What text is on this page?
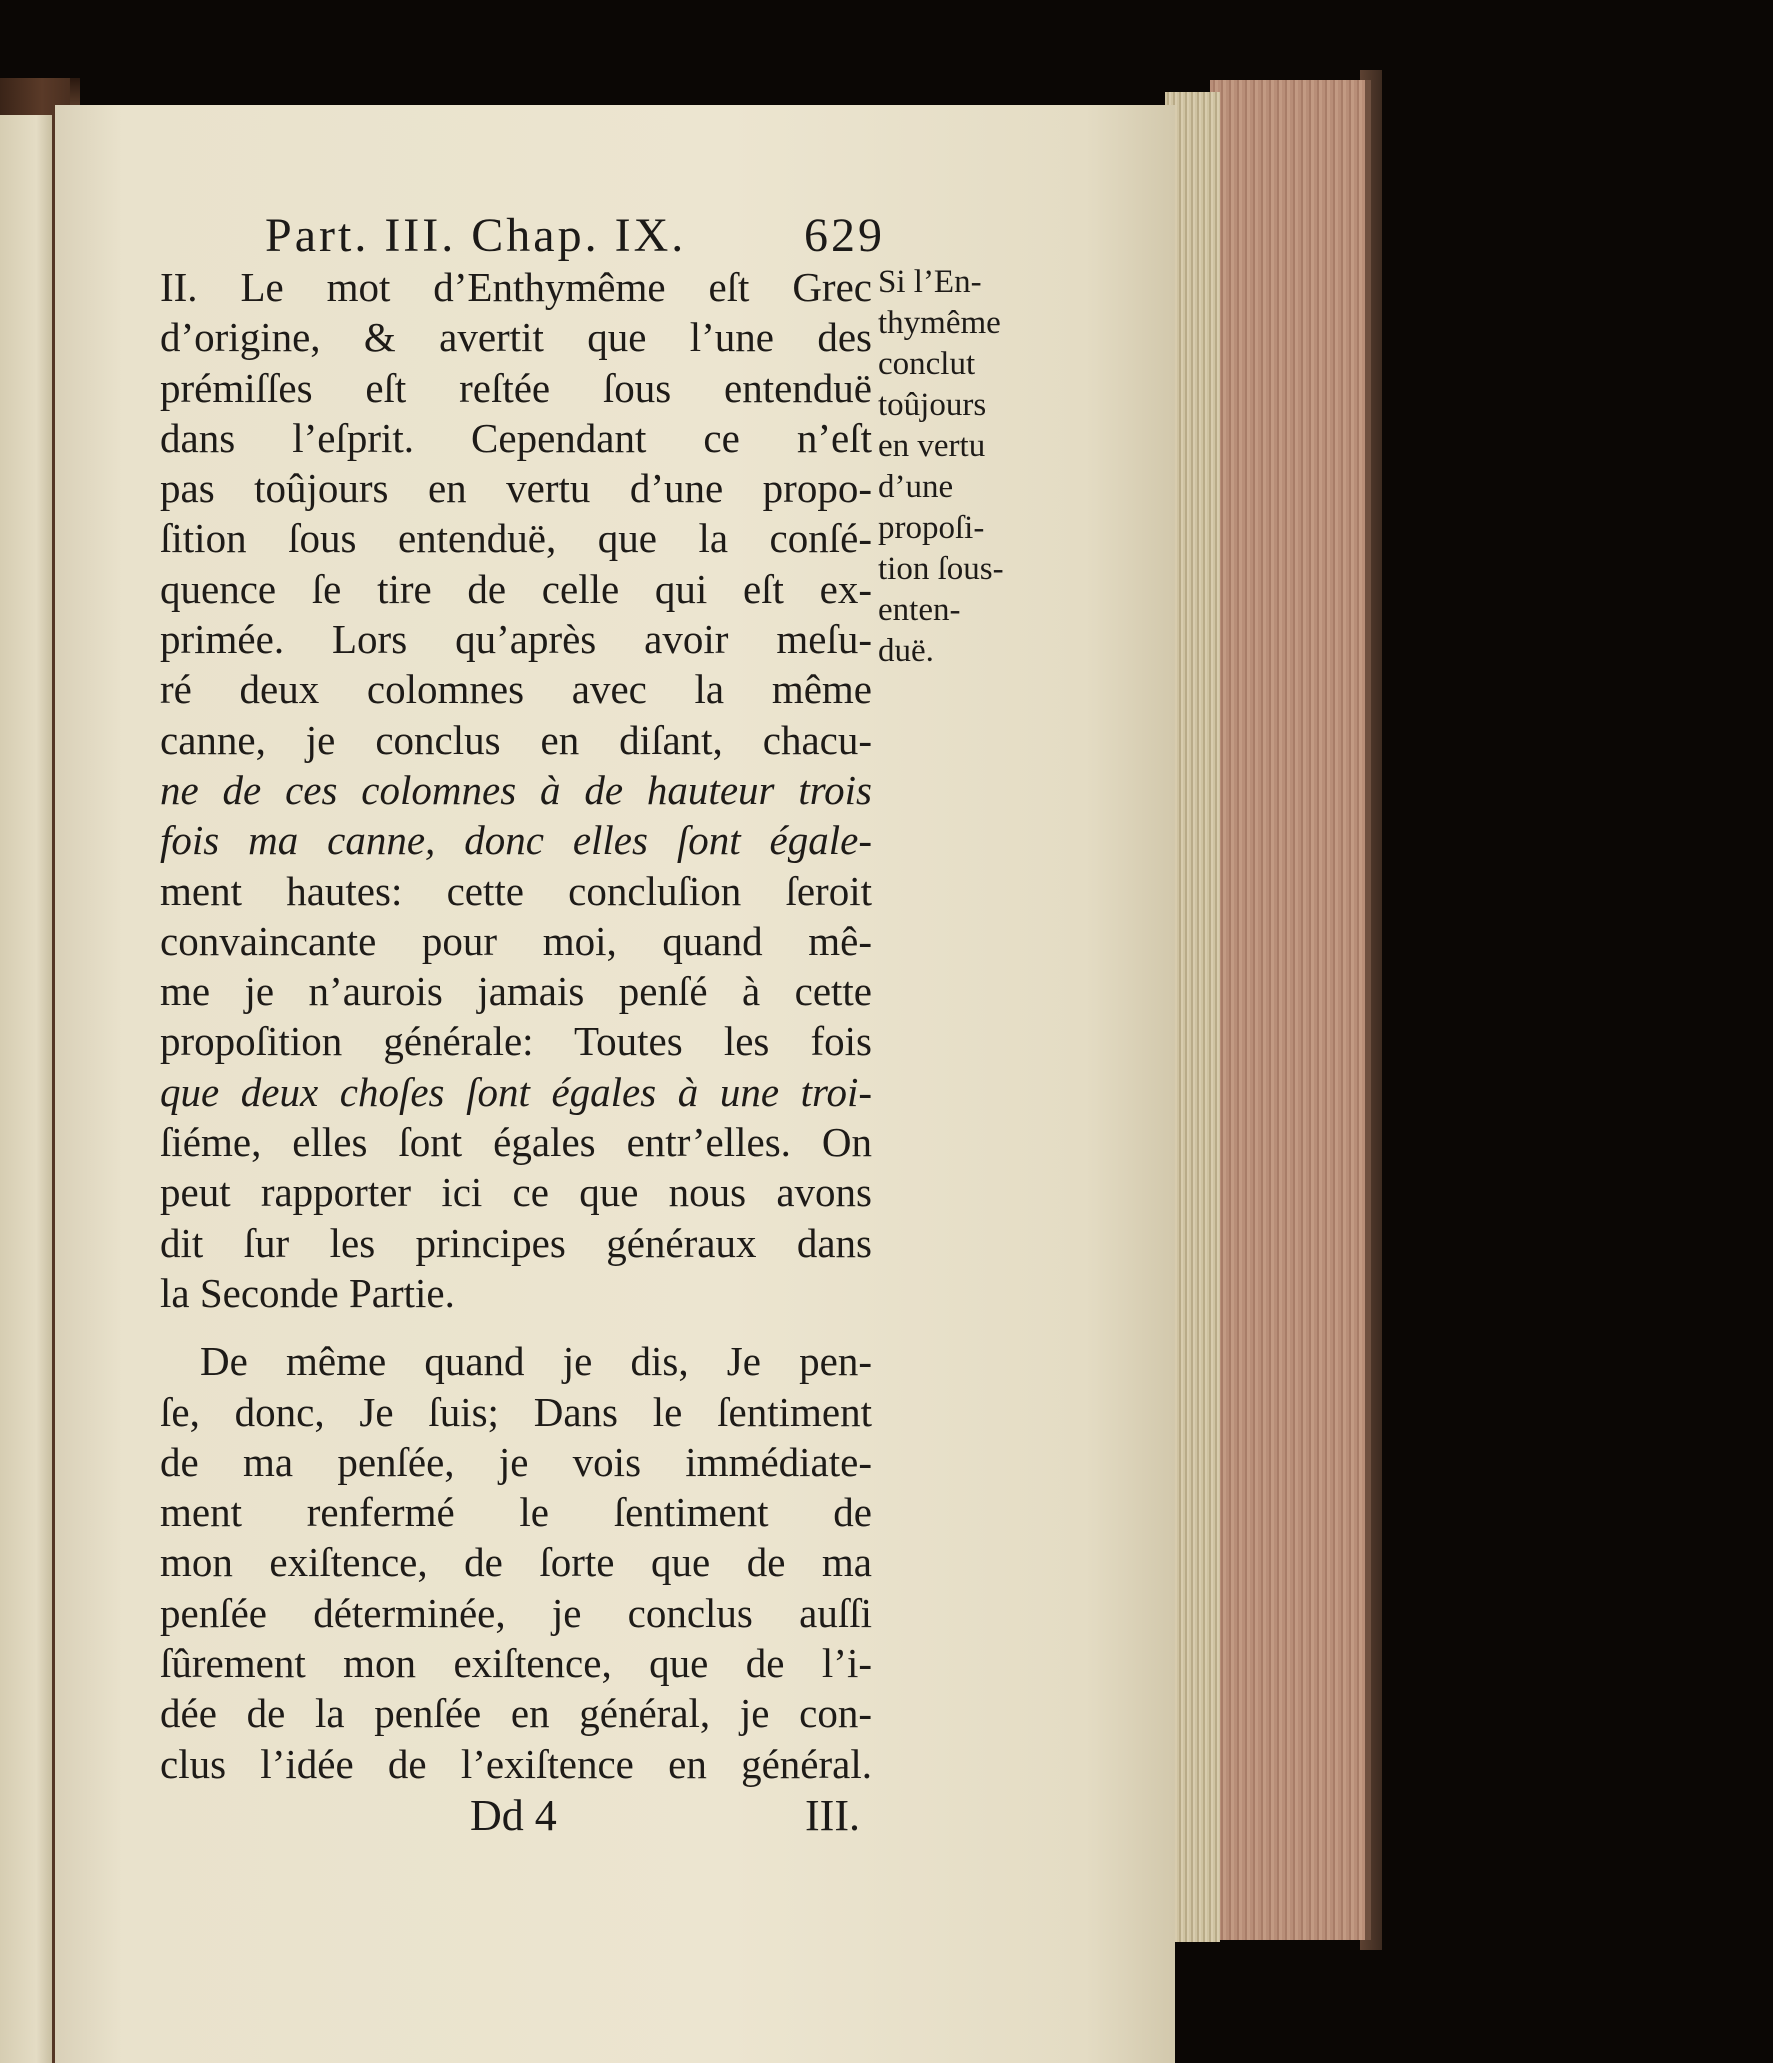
Part. III. Chap. IX. 629
II. Le mot d’Enthymême eſt Grec
d’origine, & avertit que l’une des
prémiſſes eſt reſtée ſous entenduë
dans l’eſprit. Cependant ce n’eſt
pas toûjours en vertu d’une propo-
ſition ſous entenduë, que la conſé-
quence ſe tire de celle qui eſt ex-
primée. Lors qu’après avoir meſu-
ré deux colomnes avec la même
canne, je conclus en diſant, chacu-
ne de ces colomnes à de hauteur trois
fois ma canne, donc elles ſont égale-
ment hautes: cette concluſion ſeroit
convaincante pour moi, quand mê-
me je n’aurois jamais penſé à cette
propoſition générale: Toutes les fois
que deux choſes ſont égales à une troi-
ſiéme, elles ſont égales entr’elles. On
peut rapporter ici ce que nous avons
dit ſur les principes généraux dans
la Seconde Partie.
De même quand je dis, Je pen-
ſe, donc, Je ſuis; Dans le ſentiment
de ma penſée, je vois immédiate-
ment renfermé le ſentiment de
mon exiſtence, de ſorte que de ma
penſée déterminée, je conclus auſſi
ſûrement mon exiſtence, que de l’i-
dée de la penſée en général, je con-
clus l’idée de l’exiſtence en général.
Si l’En-
thymême
conclut
toûjours
en vertu
d’une
propoſi-
tion ſous-
enten-
duë.
Dd 4	III.
